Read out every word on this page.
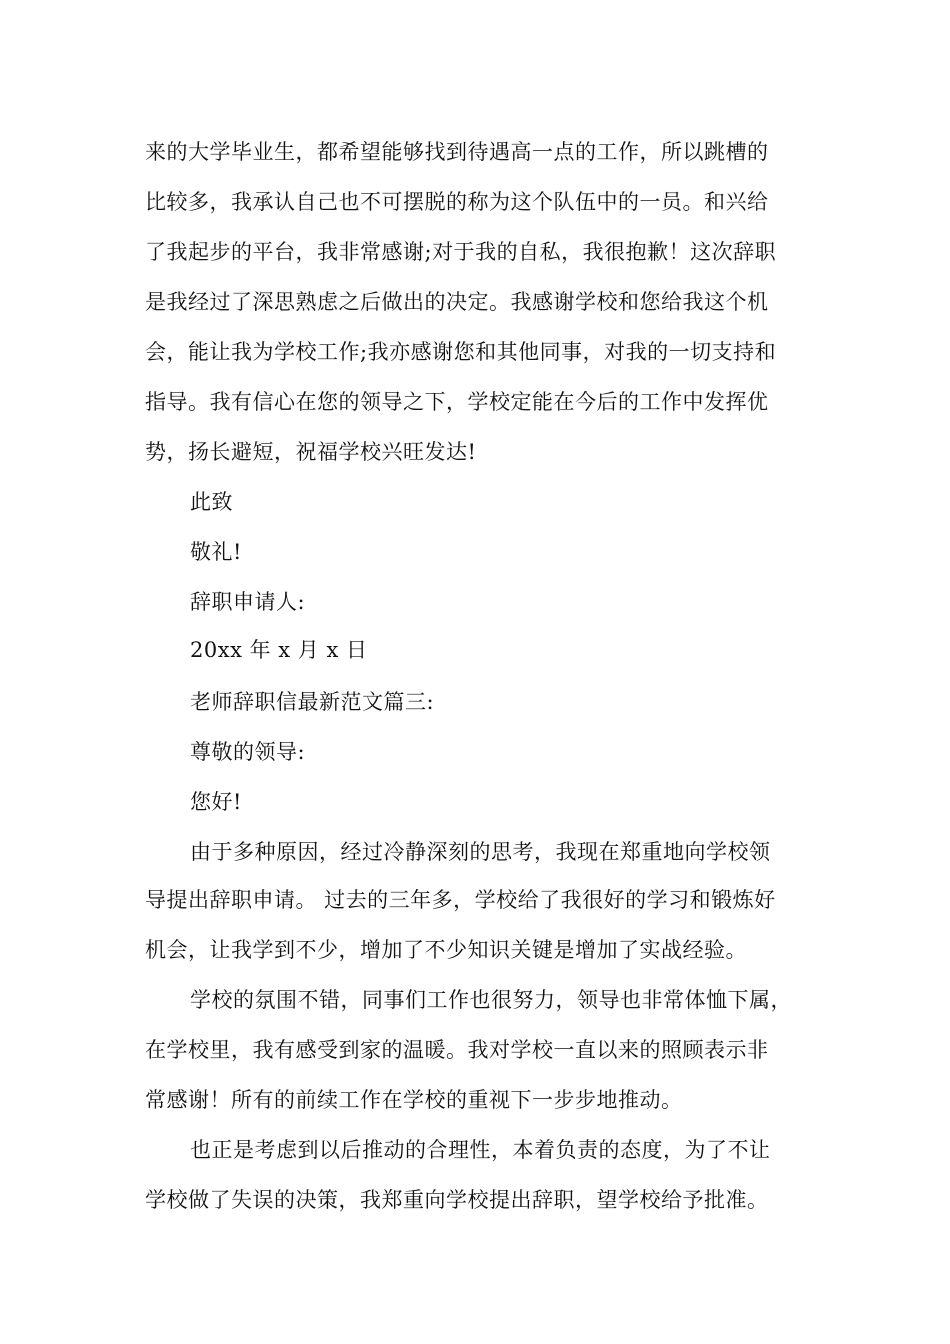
来的大学毕业生，都希望能够找到待遇高一点的工作，所以跳槽的
比较多，我承认自己也不可摆脱的称为这个队伍中的一员。和兴给
了我起步的平台，我非常感谢;对于我的自私，我很抱歉！这次辞职
是我经过了深思熟虑之后做出的决定。我感谢学校和您给我这个机
会，能让我为学校工作;我亦感谢您和其他同事，对我的一切支持和
指导。我有信心在您的领导之下，学校定能在今后的工作中发挥优
势，扬长避短，祝福学校兴旺发达!
此致
敬礼!
辞职申请人:
20xx 年 x 月 x 日
老师辞职信最新范文篇三:
尊敬的领导:
您好!
由于多种原因，经过冷静深刻的思考，我现在郑重地向学校领
导提出辞职申请。 过去的三年多，学校给了我很好的学习和锻炼好
机会，让我学到不少，增加了不少知识关键是增加了实战经验。
学校的氛围不错，同事们工作也很努力，领导也非常体恤下属，
在学校里，我有感受到家的温暖。我对学校一直以来的照顾表示非
常感谢！所有的前续工作在学校的重视下一步步地推动。
也正是考虑到以后推动的合理性，本着负责的态度，为了不让
学校做了失误的决策，我郑重向学校提出辞职，望学校给予批准。
